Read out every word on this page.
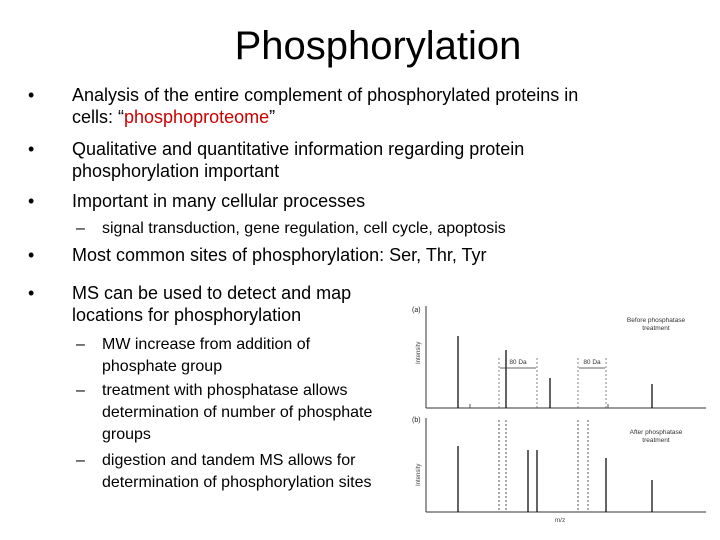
Phosphorylation
• Analysis of the entire complement of phosphorylated proteins in
cells: “phosphoproteome”
• Qualitative and quantitative information regarding protein
phosphorylation important
• Important in many cellular processes
– signal transduction, gene regulation, cell cycle, apoptosis
• Most common sites of phosphorylation: Ser, Thr, Tyr
• MS can be used to detect and map
locations for phosphorylation
– MW increase from addition of
phosphate group
– treatment with phosphatase allows
determination of number of phosphate
groups
– digestion and tandem MS allows for
determination of phosphorylation sites
(a)
(b)
Intensity
Intensity
Before phosphatase
treatment
After phosphatase
treatment
80 Da	80 Da
m/z
